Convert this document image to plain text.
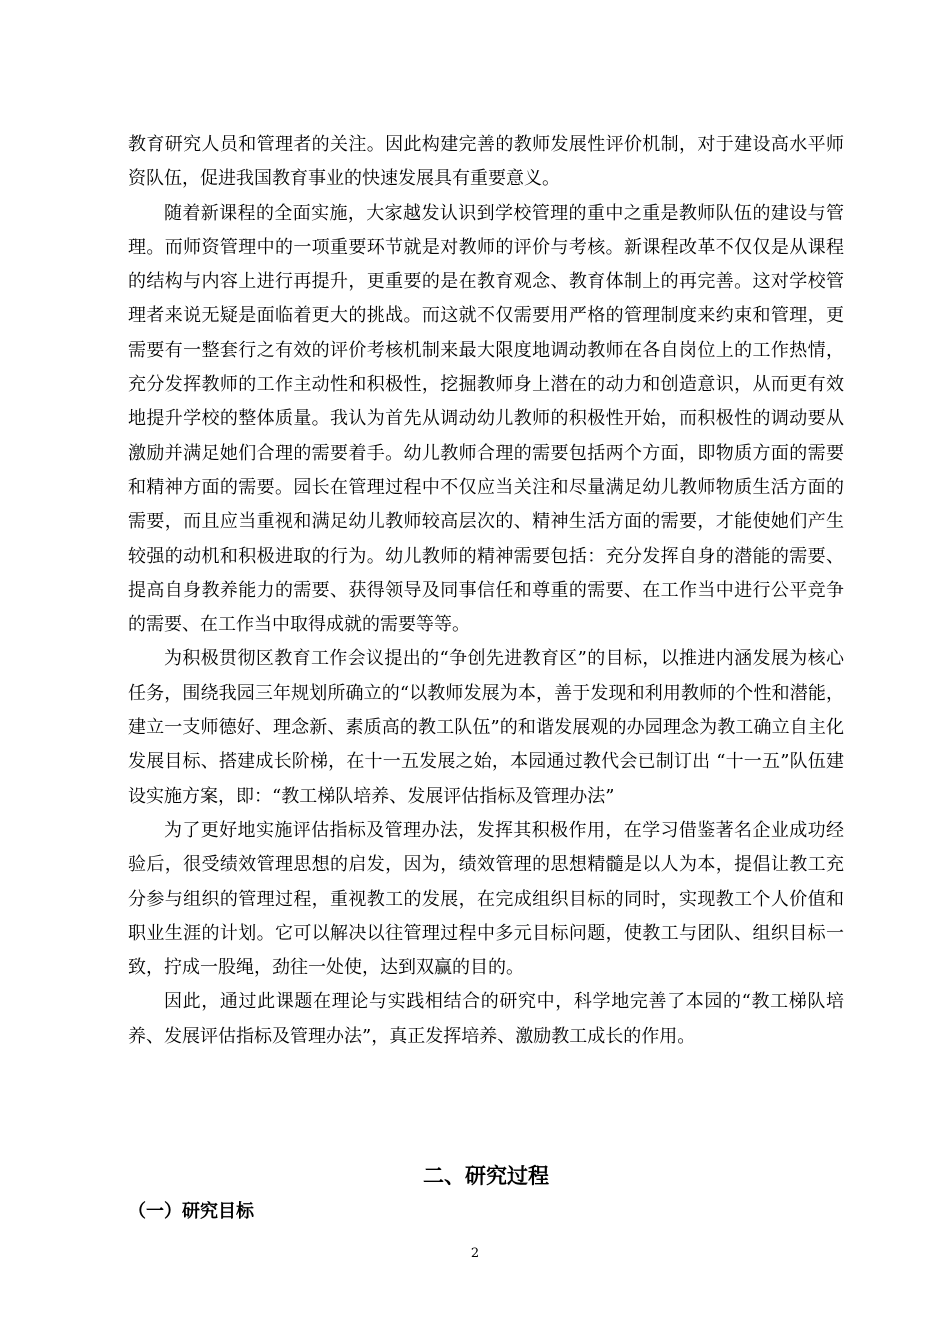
教育研究人员和管理者的关注。因此构建完善的教师发展性评价机制，对于建设高水平师资队伍，促进我国教育事业的快速发展具有重要意义。

随着新课程的全面实施，大家越发认识到学校管理的重中之重是教师队伍的建设与管理。而师资管理中的一项重要环节就是对教师的评价与考核。新课程改革不仅仅是从课程的结构与内容上进行再提升，更重要的是在教育观念、教育体制上的再完善。这对学校管理者来说无疑是面临着更大的挑战。而这就不仅需要用严格的管理制度来约束和管理，更需要有一整套行之有效的评价考核机制来最大限度地调动教师在各自岗位上的工作热情，充分发挥教师的工作主动性和积极性，挖掘教师身上潜在的动力和创造意识，从而更有效地提升学校的整体质量。我认为首先从调动幼儿教师的积极性开始，而积极性的调动要从激励并满足她们合理的需要着手。幼儿教师合理的需要包括两个方面，即物质方面的需要和精神方面的需要。园长在管理过程中不仅应当关注和尽量满足幼儿教师物质生活方面的需要，而且应当重视和满足幼儿教师较高层次的、精神生活方面的需要，才能使她们产生较强的动机和积极进取的行为。幼儿教师的精神需要包括：充分发挥自身的潜能的需要、提高自身教养能力的需要、获得领导及同事信任和尊重的需要、在工作当中进行公平竞争的需要、在工作当中取得成就的需要等等。

为积极贯彻区教育工作会议提出的“争创先进教育区”的目标，以推进内涵发展为核心任务，围绕我园三年规划所确立的“以教师发展为本，善于发现和利用教师的个性和潜能，建立一支师德好、理念新、素质高的教工队伍”的和谐发展观的办园理念为教工确立自主化发展目标、搭建成长阶梯，在十一五发展之始，本园通过教代会已制订出 “十一五”队伍建设实施方案，即：“教工梯队培养、发展评估指标及管理办法”

为了更好地实施评估指标及管理办法，发挥其积极作用，在学习借鉴著名企业成功经验后，很受绩效管理思想的启发，因为，绩效管理的思想精髓是以人为本，提倡让教工充分参与组织的管理过程，重视教工的发展，在完成组织目标的同时，实现教工个人价值和职业生涯的计划。它可以解决以往管理过程中多元目标问题，使教工与团队、组织目标一致，拧成一股绳，劲往一处使，达到双赢的目的。

因此，通过此课题在理论与实践相结合的研究中，科学地完善了本园的“教工梯队培养、发展评估指标及管理办法”，真正发挥培养、激励教工成长的作用。

二、研究过程
（一）研究目标
2
